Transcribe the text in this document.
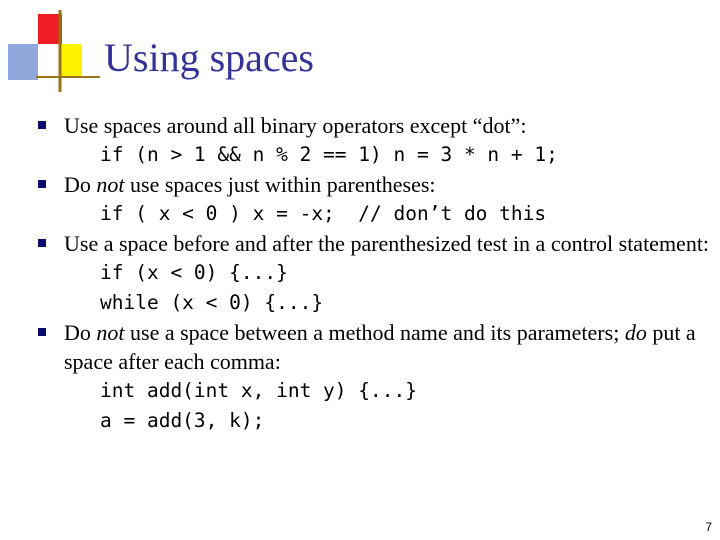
Using spaces
Use spaces around all binary operators except “dot”:
if (n > 1 && n % 2 == 1) n = 3 * n + 1;
Do not use spaces just within parentheses:
if ( x < 0 ) x = -x;  // don’t do this
Use a space before and after the parenthesized test in a control statement:
if (x < 0) {...}
while (x < 0) {...}
Do not use a space between a method name and its parameters; do put a space after each comma:
int add(int x, int y) {...}
a = add(3, k);
7
